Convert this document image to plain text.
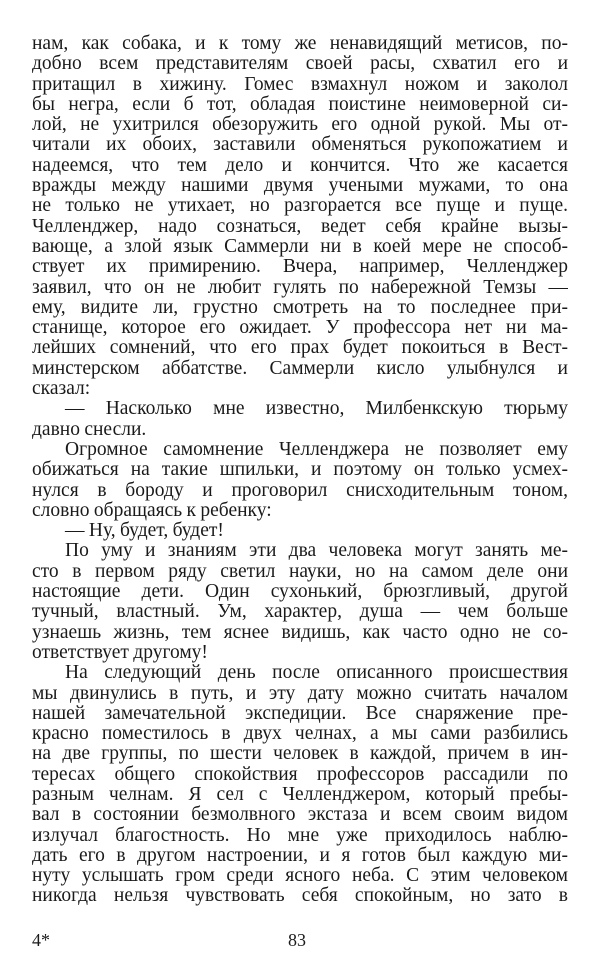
нам, как собака, и к тому же ненавидящий метисов, по-
добно всем представителям своей расы, схватил его и
притащил в хижину. Гомес взмахнул ножом и заколол
бы негра, если б тот, обладая поистине неимоверной си-
лой, не ухитрился обезоружить его одной рукой. Мы от-
читали их обоих, заставили обменяться рукопожатием и
надеемся, что тем дело и кончится. Что же касается
вражды между нашими двумя учеными мужами, то она
не только не утихает, но разгорается все пуще и пуще.
Челленджер, надо сознаться, ведет себя крайне вызы-
вающе, а злой язык Саммерли ни в коей мере не способ-
ствует их примирению. Вчера, например, Челленджер
заявил, что он не любит гулять по набережной Темзы —
ему, видите ли, грустно смотреть на то последнее при-
станище, которое его ожидает. У профессора нет ни ма-
лейших сомнений, что его прах будет покоиться в Вест-
минстерском аббатстве. Саммерли кисло улыбнулся и
сказал:
— Насколько мне известно, Милбенкскую тюрьму
давно снесли.
Огромное самомнение Челленджера не позволяет ему
обижаться на такие шпильки, и поэтому он только усмех-
нулся в бороду и проговорил снисходительным тоном,
словно обращаясь к ребенку:
— Ну, будет, будет!
По уму и знаниям эти два человека могут занять ме-
сто в первом ряду светил науки, но на самом деле они
настоящие дети. Один сухонький, брюзгливый, другой
тучный, властный. Ум, характер, душа — чем больше
узнаешь жизнь, тем яснее видишь, как часто одно не со-
ответствует другому!
На следующий день после описанного происшествия
мы двинулись в путь, и эту дату можно считать началом
нашей замечательной экспедиции. Все снаряжение пре-
красно поместилось в двух челнах, а мы сами разбились
на две группы, по шести человек в каждой, причем в ин-
тересах общего спокойствия профессоров рассадили по
разным челнам. Я сел с Челленджером, который пребы-
вал в состоянии безмолвного экстаза и всем своим видом
излучал благостность. Но мне уже приходилось наблю-
дать его в другом настроении, и я готов был каждую ми-
нуту услышать гром среди ясного неба. С этим человеком
никогда нельзя чувствовать себя спокойным, но зато в
4*	83
